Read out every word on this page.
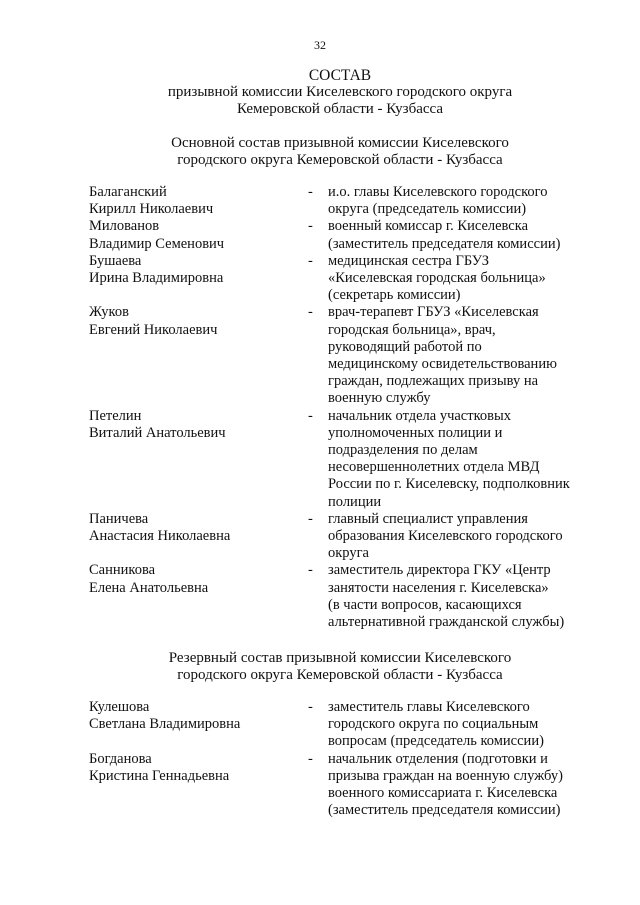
32
СОСТАВ
призывной комиссии Киселевского городского округа
Кемеровской области - Кузбасса
Основной состав призывной комиссии Киселевского
городского округа Кемеровской области - Кузбасса
Балаганский
Кирилл Николаевич
-	и.о. главы Киселевского городского
округа (председатель комиссии)
Милованов
Владимир Семенович
-	военный комиссар г. Киселевска
(заместитель председателя комиссии)
Бушаева
Ирина Владимировна
-	медицинская сестра ГБУЗ
«Киселевская городская больница»
(секретарь комиссии)
Жуков
Евгений Николаевич
-	врач-терапевт ГБУЗ «Киселевская
городская больница», врач,
руководящий работой по
медицинскому освидетельствованию
граждан, подлежащих призыву на
военную службу
Петелин
Виталий Анатольевич
-	начальник отдела участковых
уполномоченных полиции и
подразделения по делам
несовершеннолетних отдела МВД
России по г. Киселевску, подполковник
полиции
Паничева
Анастасия Николаевна
-	главный специалист управления
образования Киселевского городского
округа
Санникова
Елена Анатольевна
-	заместитель директора ГКУ «Центр
занятости населения г. Киселевска»
(в части вопросов, касающихся
альтернативной гражданской службы)
Резервный состав призывной комиссии Киселевского
городского округа Кемеровской области - Кузбасса
Кулешова
Светлана Владимировна
-	заместитель главы Киселевского
городского округа по социальным
вопросам (председатель комиссии)
Богданова
Кристина Геннадьевна
-	начальник отделения (подготовки и
призыва граждан на военную службу)
военного комиссариата г. Киселевска
(заместитель председателя комиссии)
